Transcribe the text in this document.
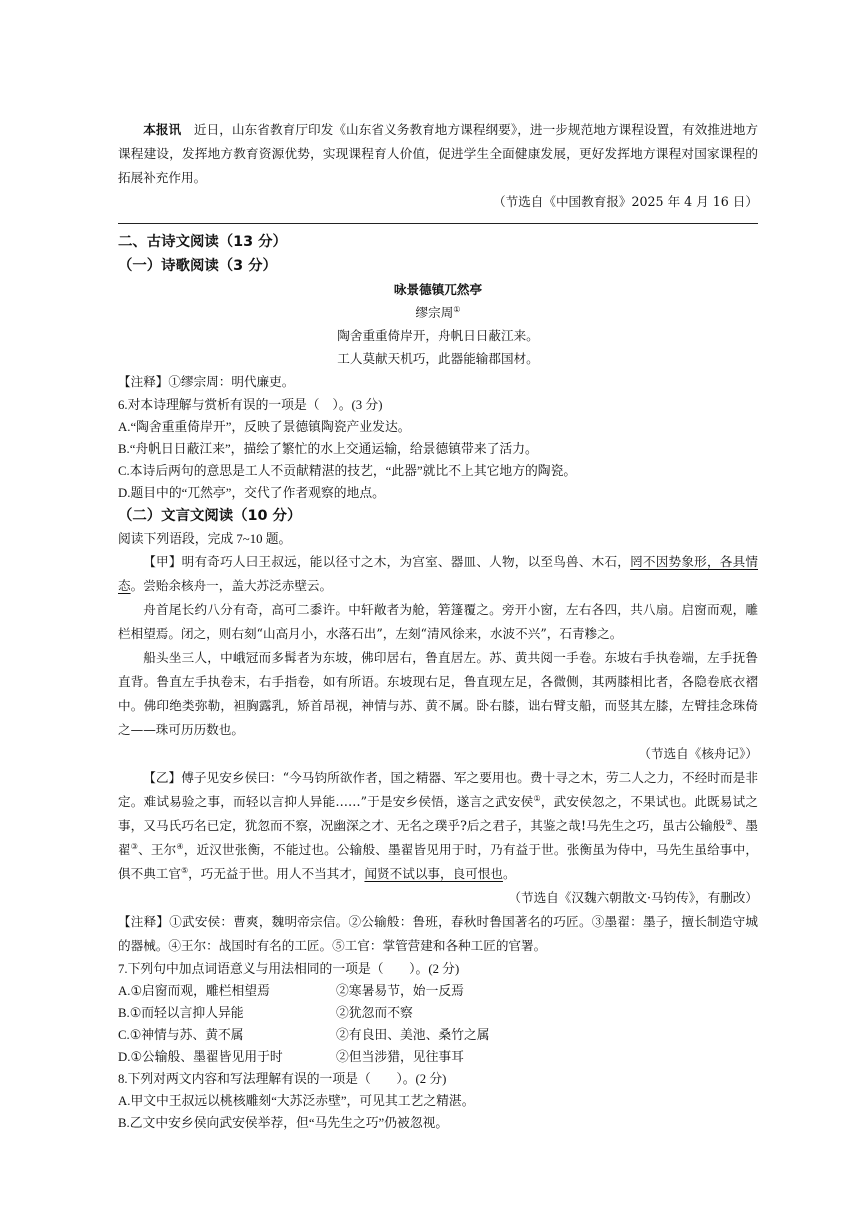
本报讯　 近日，山东省教育厅印发《山东省义务教育地方课程纲要》，进一步规范地方课程设置，有效推进地方课程建设，发挥地方教育资源优势，实现课程育人价值，促进学生全面健康发展，更好发挥地方课程对国家课程的拓展补充作用。

（节选自《中国教育报》2025 年 4 月 16 日）

二、古诗文阅读（13 分）

（一）诗歌阅读（3 分）

咏景德镇兀然亭

缪宗周①

陶舍重重倚岸开，舟帆日日蔽江来。

工人莫献天机巧，此器能输郡国材。

【注释】①缪宗周：明代廉吏。

6.对本诗理解与赏析有误的一项是（　）。(3 分)

A.“陶舍重重倚岸开”，反映了景德镇陶瓷产业发达。

B.“舟帆日日蔽江来”，描绘了繁忙的水上交通运输，给景德镇带来了活力。

C.本诗后两句的意思是工人不贡献精湛的技艺，“此器”就比不上其它地方的陶瓷。

D.题目中的“兀然亭”，交代了作者观察的地点。

（二）文言文阅读（10 分）

阅读下列语段，完成 7~10 题。

【甲】明有奇巧人曰王叔远，能以径寸之木，为宫室、器皿、人物，以至鸟兽、木石，罔不因势象形，各具情态。尝贻余核舟一，盖大苏泛赤壁云。

舟首尾长约八分有奇，高可二黍许。中轩敞者为舱，箬篷覆之。旁开小窗，左右各四，共八扇。启窗而观，雕栏相望焉。闭之，则右刻“山高月小，水落石出”，左刻“清风徐来，水波不兴”，石青糁之。

船头坐三人，中峨冠而多髯者为东坡，佛印居右，鲁直居左。苏、黄共阅一手卷。东坡右手执卷端，左手抚鲁直背。鲁直左手执卷末，右手指卷，如有所语。东坡现右足，鲁直现左足，各微侧，其两膝相比者，各隐卷底衣褶中。佛印绝类弥勒，袒胸露乳，矫首昂视，神情与苏、黄不属。卧右膝，诎右臂支船，而竖其左膝，左臂挂念珠倚之——珠可历历数也。

（节选自《核舟记》）

【乙】傅子见安乡侯曰：“今马钧所欲作者，国之精器、军之要用也。费十寻之木，劳二人之力，不经时而是非定。难试易验之事，而轻以言抑人异能……”于是安乡侯悟，遂言之武安侯①，武安侯忽之，不果试也。此既易试之事，又马氏巧名已定，犹忽而不察，况幽深之才、无名之璞乎?后之君子，其鉴之哉!马先生之巧，虽古公输般②、墨翟③、王尔④，近汉世张衡，不能过也。公输般、墨翟皆见用于时，乃有益于世。张衡虽为侍中，马先生虽给事中，俱不典工官⑤，巧无益于世。用人不当其才，闻贤不试以事，良可恨也。

（节选自《汉魏六朝散文·马钧传》，有删改）

【注释】①武安侯：曹爽，魏明帝宗信。②公输般：鲁班，春秋时鲁国著名的巧匠。③墨翟：墨子，擅长制造守城的器械。④王尔：战国时有名的工匠。⑤工官：掌管营建和各种工匠的官署。

7.下列句中加点词语意义与用法相同的一项是（　　）。(2 分)

A.①启窗而观，雕栏相望焉	②寒暑易节，始一反焉
B.①而轻以言抑人异能	②犹忽而不察
C.①神情与苏、黄不属	②有良田、美池、桑竹之属
D.①公输般、墨翟皆见用于时	②但当涉猎，见往事耳

8.下列对两文内容和写法理解有误的一项是（　　）。(2 分)

A.甲文中王叔远以桃核雕刻“大苏泛赤壁”，可见其工艺之精湛。

B.乙文中安乡侯向武安侯举荐，但“马先生之巧”仍被忽视。
